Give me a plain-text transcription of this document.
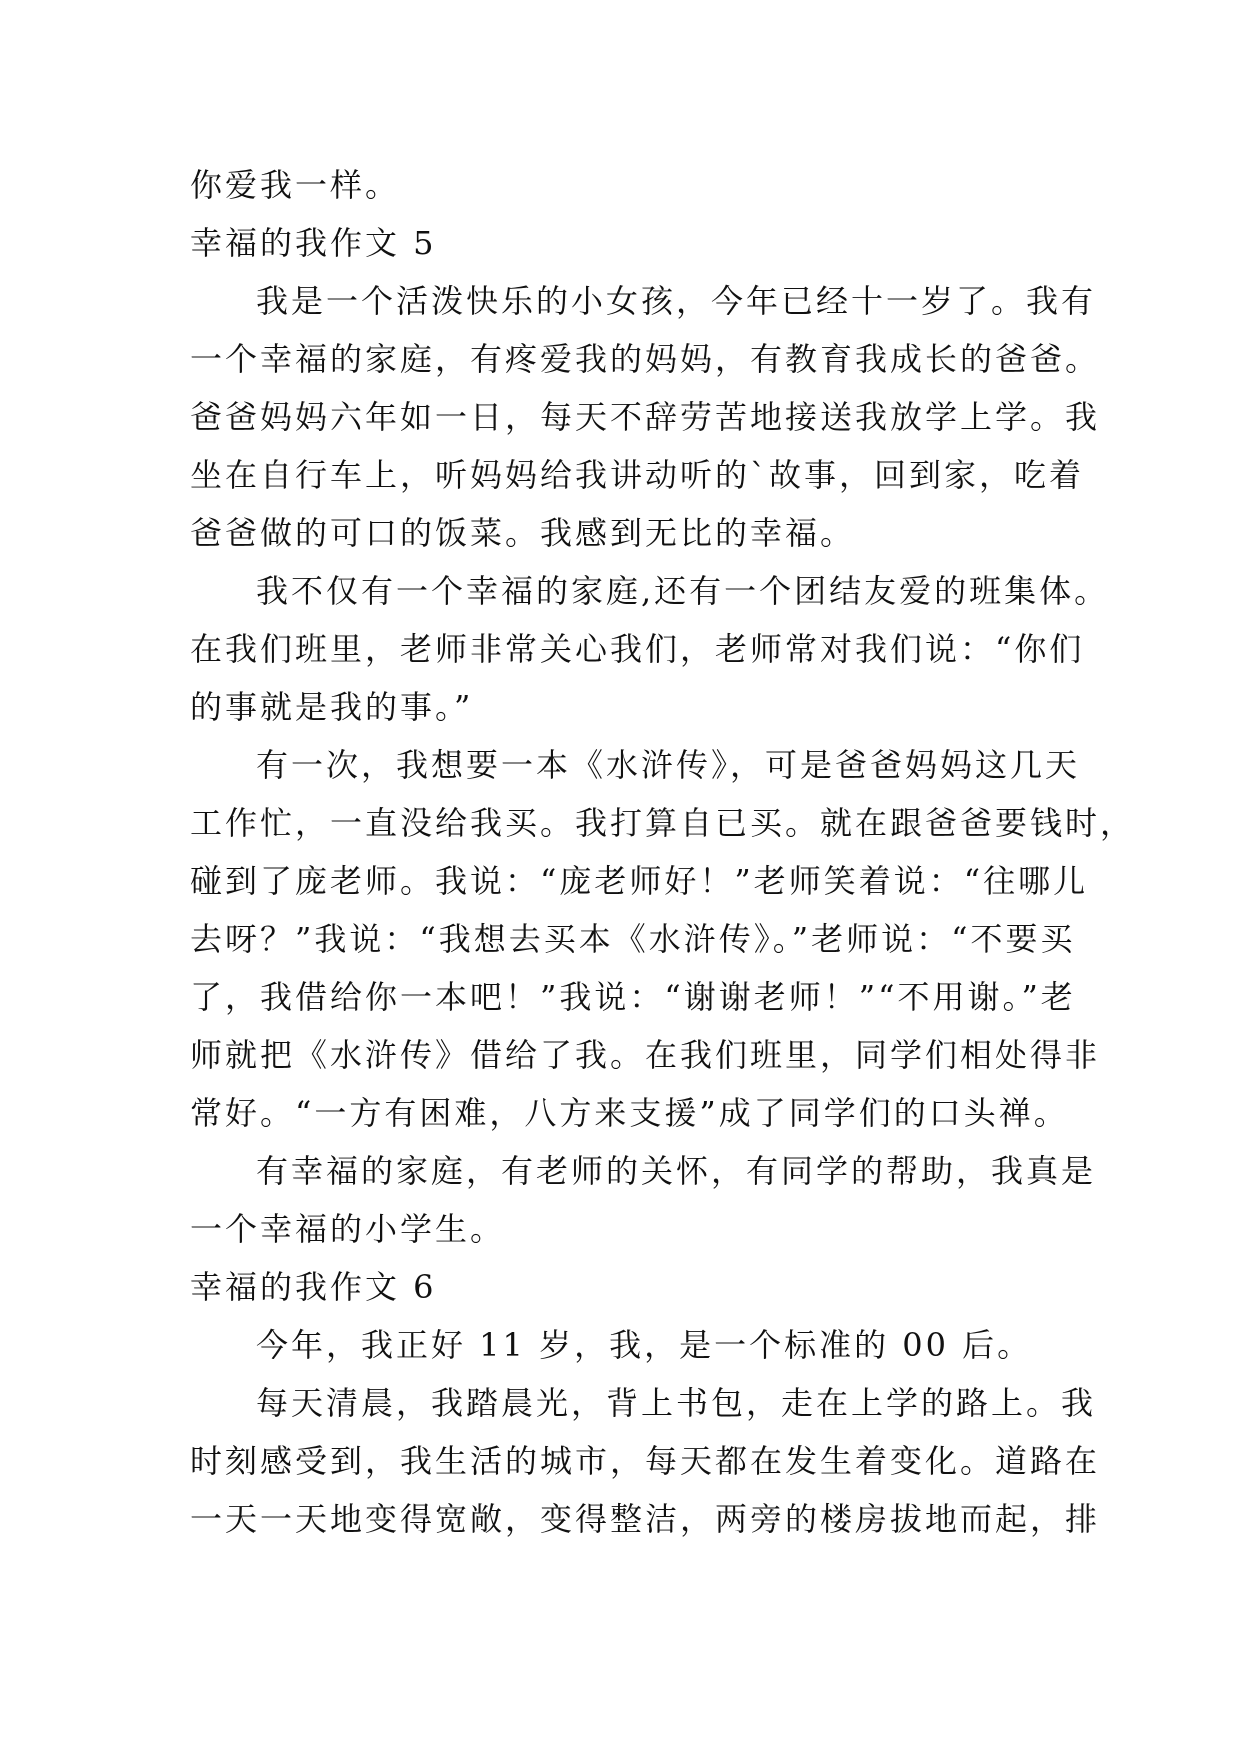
你爱我一样。
幸福的我作文 5
我是一个活泼快乐的小女孩，今年已经十一岁了。我有
一个幸福的家庭，有疼爱我的妈妈，有教育我成长的爸爸。
爸爸妈妈六年如一日，每天不辞劳苦地接送我放学上学。我
坐在自行车上，听妈妈给我讲动听的`故事，回到家，吃着
爸爸做的可口的饭菜。我感到无比的幸福。
我不仅有一个幸福的家庭,还有一个团结友爱的班集体。
在我们班里，老师非常关心我们，老师常对我们说：“你们
的事就是我的事。”
有一次，我想要一本《水浒传》，可是爸爸妈妈这几天
工作忙，一直没给我买。我打算自已买。就在跟爸爸要钱时，
碰到了庞老师。我说：“庞老师好！”老师笑着说：“往哪儿
去呀？”我说：“我想去买本《水浒传》。”老师说：“不要买
了，我借给你一本吧！”我说：“谢谢老师！”“不用谢。”老
师就把《水浒传》借给了我。在我们班里，同学们相处得非
常好。“一方有困难，八方来支援”成了同学们的口头禅。
有幸福的家庭，有老师的关怀，有同学的帮助，我真是
一个幸福的小学生。
幸福的我作文 6
今年，我正好 11 岁，我，是一个标准的 00 后。
每天清晨，我踏晨光，背上书包，走在上学的路上。我
时刻感受到，我生活的城市，每天都在发生着变化。道路在
一天一天地变得宽敞，变得整洁，两旁的楼房拔地而起，排
